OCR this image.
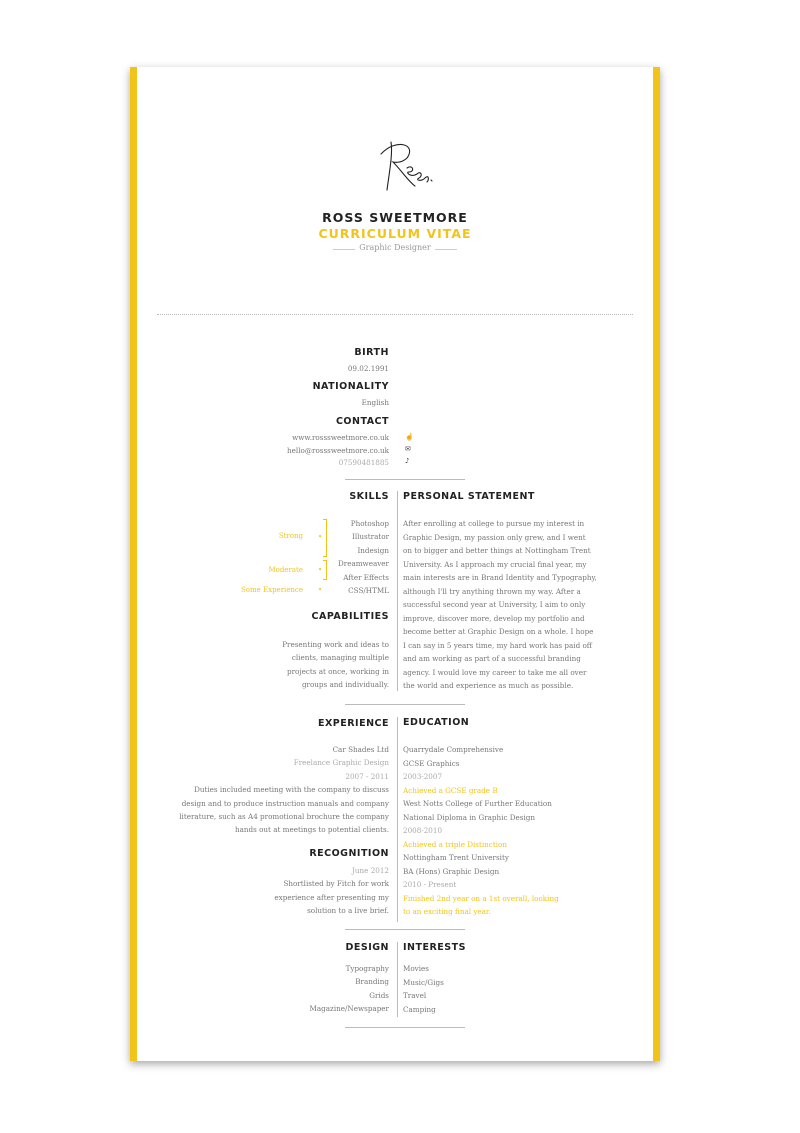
ROSS SWEETMORE
CURRICULUM VITAE
Graphic Designer
BIRTH
09.02.1991
NATIONALITY
English
CONTACT
www.rosssweetmore.co.uk
hello@rosssweetmore.co.uk
07590481885
☝
✉
♪
SKILLS PERSONAL STATEMENT
Photoshop
Illustrator
Indesign
Dreamweaver
After Effects
CSS/HTML
•
Strong
•
Moderate
•
Some Experience
CAPABILITIES
Presenting work and ideas to
clients, managing multiple
projects at once, working in
groups and individually.
After enrolling at college to pursue my interest in
Graphic Design, my passion only grew, and I went
on to bigger and better things at Nottingham Trent
University. As I approach my crucial final year, my
main interests are in Brand Identity and Typography,
although I'll try anything thrown my way. After a
successful second year at University, I aim to only
improve, discover more, develop my portfolio and
become better at Graphic Design on a whole. I hope
I can say in 5 years time, my hard work has paid off
and am working as part of a successful branding
agency. I would love my career to take me all over
the world and experience as much as possible.
EXPERIENCE EDUCATION
Car Shades Ltd
Freelance Graphic Design
2007 - 2011
Duties included meeting with the company to discuss
design and to produce instruction manuals and company
literature, such as A4 promotional brochure the company
hands out at meetings to potential clients.
RECOGNITION
June 2012
Shortlisted by Fitch for work
experience after presenting my
solution to a live brief.
Quarrydale Comprehensive
GCSE Graphics
2003-2007
Achieved a GCSE grade B
West Notts College of Further Education
National Diploma in Graphic Design
2008-2010
Achieved a triple Distinction
Nottingham Trent University
BA (Hons) Graphic Design
2010 - Present
Finished 2nd year on a 1st overall, looking
to an exciting final year.
DESIGN INTERESTS
Typography
Branding
Grids
Magazine/Newspaper
Movies
Music/Gigs
Travel
Camping
